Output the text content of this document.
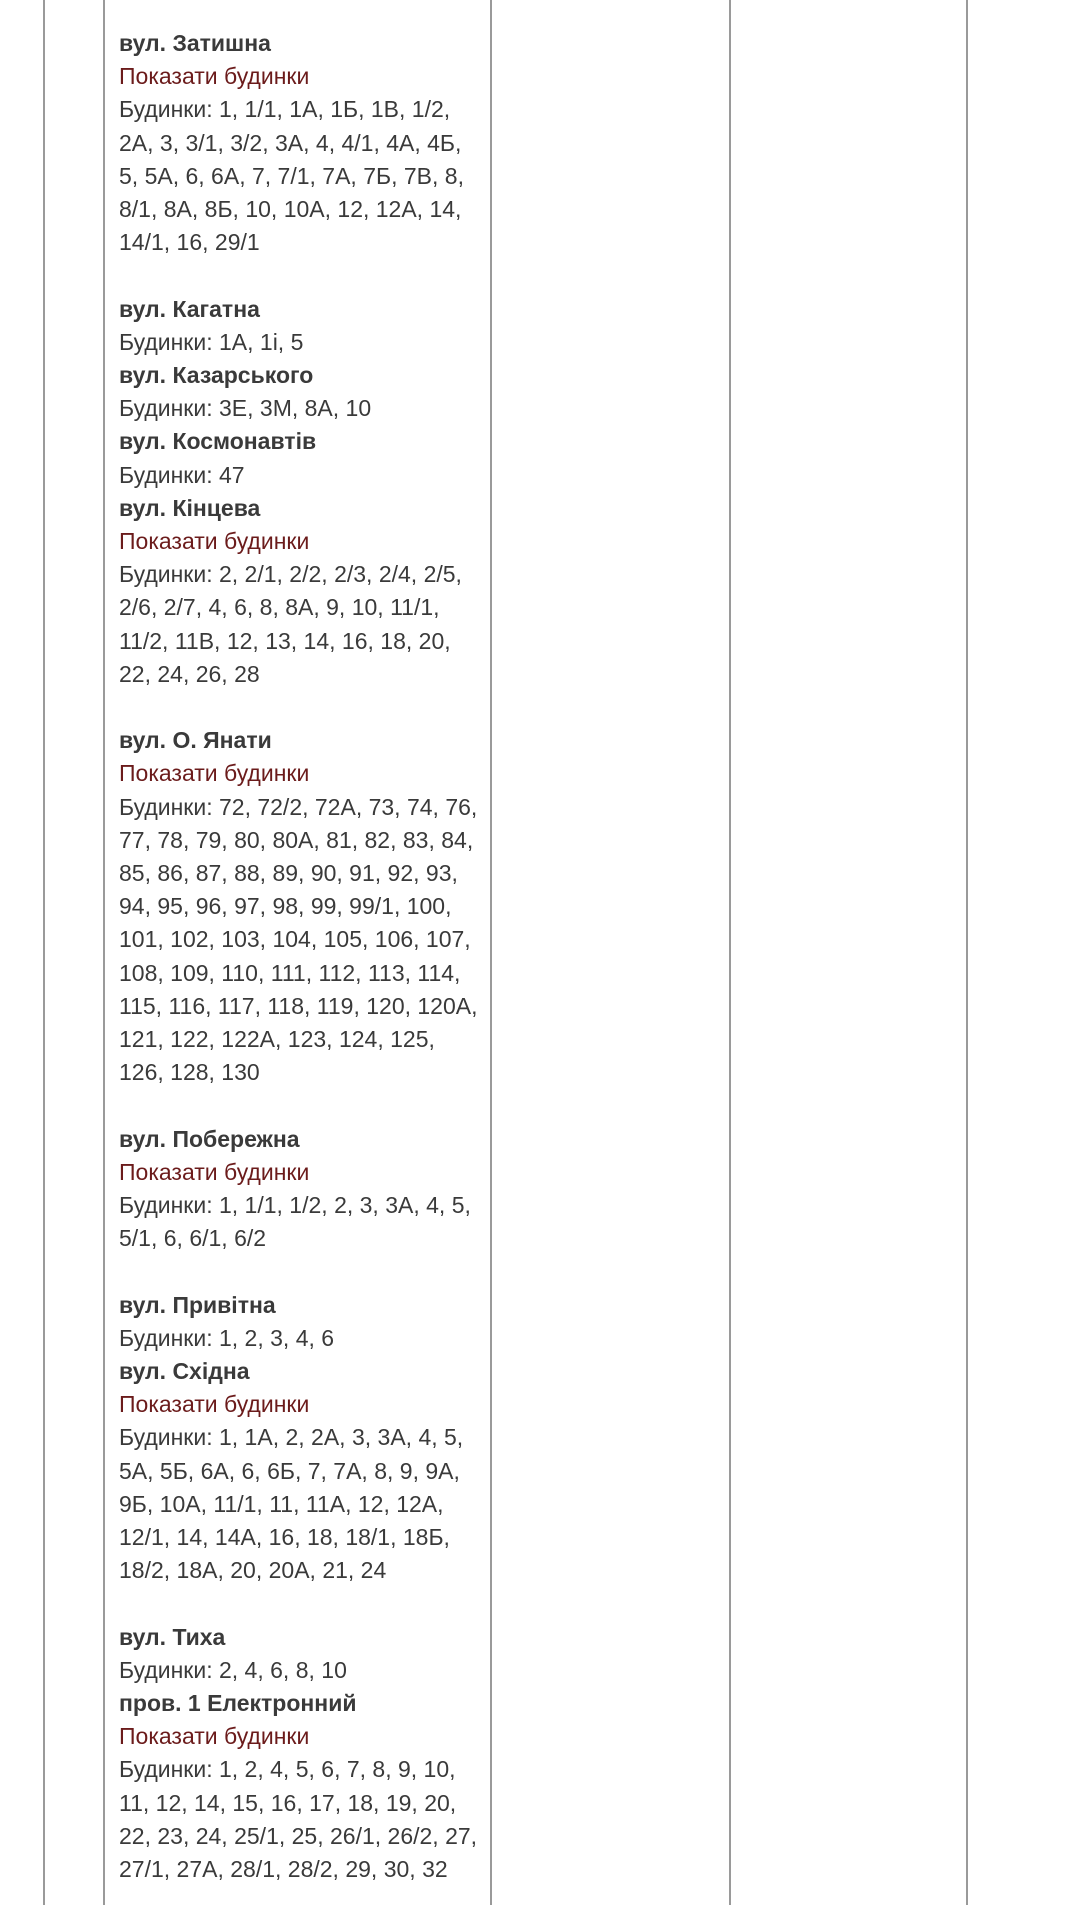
вул. Затишна
Показати будинки
Будинки: 1, 1/1, 1А, 1Б, 1В, 1/2, 2А, 3, 3/1, 3/2, 3А, 4, 4/1, 4А, 4Б, 5, 5А, 6, 6А, 7, 7/1, 7А, 7Б, 7В, 8, 8/1, 8А, 8Б, 10, 10А, 12, 12А, 14, 14/1, 16, 29/1
вул. Кагатна
Будинки: 1А, 1і, 5
вул. Казарського
Будинки: 3Е, 3М, 8А, 10
вул. Космонавтів
Будинки: 47
вул. Кінцева
Показати будинки
Будинки: 2, 2/1, 2/2, 2/3, 2/4, 2/5, 2/6, 2/7, 4, 6, 8, 8А, 9, 10, 11/1, 11/2, 11В, 12, 13, 14, 16, 18, 20, 22, 24, 26, 28
вул. О. Янати
Показати будинки
Будинки: 72, 72/2, 72А, 73, 74, 76, 77, 78, 79, 80, 80А, 81, 82, 83, 84, 85, 86, 87, 88, 89, 90, 91, 92, 93, 94, 95, 96, 97, 98, 99, 99/1, 100, 101, 102, 103, 104, 105, 106, 107, 108, 109, 110, 111, 112, 113, 114, 115, 116, 117, 118, 119, 120, 120А, 121, 122, 122А, 123, 124, 125, 126, 128, 130
вул. Побережна
Показати будинки
Будинки: 1, 1/1, 1/2, 2, 3, 3А, 4, 5, 5/1, 6, 6/1, 6/2
вул. Привітна
Будинки: 1, 2, 3, 4, 6
вул. Східна
Показати будинки
Будинки: 1, 1А, 2, 2А, 3, 3А, 4, 5, 5А, 5Б, 6А, 6, 6Б, 7, 7А, 8, 9, 9А, 9Б, 10А, 11/1, 11, 11А, 12, 12А, 12/1, 14, 14А, 16, 18, 18/1, 18Б, 18/2, 18А, 20, 20А, 21, 24
вул. Тиха
Будинки: 2, 4, 6, 8, 10
пров. 1 Електронний
Показати будинки
Будинки: 1, 2, 4, 5, 6, 7, 8, 9, 10, 11, 12, 14, 15, 16, 17, 18, 19, 20, 22, 23, 24, 25/1, 25, 26/1, 26/2, 27, 27/1, 27А, 28/1, 28/2, 29, 30, 32
